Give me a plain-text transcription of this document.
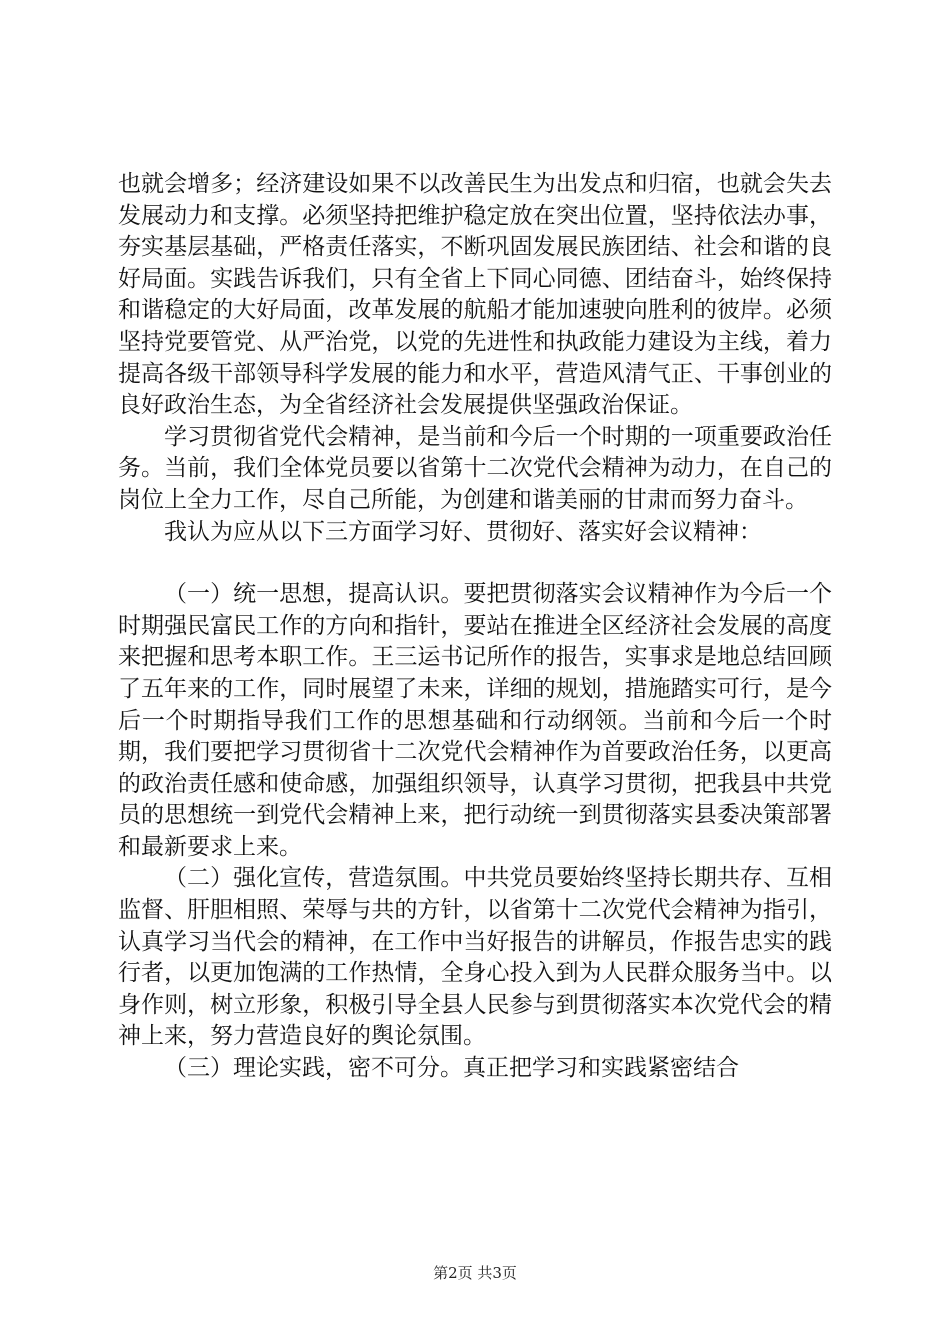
也就会增多；经济建设如果不以改善民生为出发点和归宿，也就会失去发展动力和支撑。必须坚持把维护稳定放在突出位置，坚持依法办事，夯实基层基础，严格责任落实，不断巩固发展民族团结、社会和谐的良好局面。实践告诉我们，只有全省上下同心同德、团结奋斗，始终保持和谐稳定的大好局面，改革发展的航船才能加速驶向胜利的彼岸。必须坚持党要管党、从严治党，以党的先进性和执政能力建设为主线，着力提高各级干部领导科学发展的能力和水平，营造风清气正、干事创业的良好政治生态，为全省经济社会发展提供坚强政治保证。

学习贯彻省党代会精神，是当前和今后一个时期的一项重要政治任务。当前，我们全体党员要以省第十二次党代会精神为动力，在自己的岗位上全力工作，尽自己所能，为创建和谐美丽的甘肃而努力奋斗。

我认为应从以下三方面学习好、贯彻好、落实好会议精神：

（一）统一思想，提高认识。要把贯彻落实会议精神作为今后一个时期强民富民工作的方向和指针，要站在推进全区经济社会发展的高度来把握和思考本职工作。王三运书记所作的报告，实事求是地总结回顾了五年来的工作，同时展望了未来，详细的规划，措施踏实可行，是今后一个时期指导我们工作的思想基础和行动纲领。当前和今后一个时期，我们要把学习贯彻省十二次党代会精神作为首要政治任务，以更高的政治责任感和使命感，加强组织领导，认真学习贯彻，把我县中共党员的思想统一到党代会精神上来，把行动统一到贯彻落实县委决策部署和最新要求上来。

（二）强化宣传，营造氛围。中共党员要始终坚持长期共存、互相监督、肝胆相照、荣辱与共的方针，以省第十二次党代会精神为指引，认真学习当代会的精神，在工作中当好报告的讲解员，作报告忠实的践行者，以更加饱满的工作热情，全身心投入到为人民群众服务当中。以身作则，树立形象，积极引导全县人民参与到贯彻落实本次党代会的精神上来，努力营造良好的舆论氛围。

（三）理论实践，密不可分。真正把学习和实践紧密结合

第2页 共3页
